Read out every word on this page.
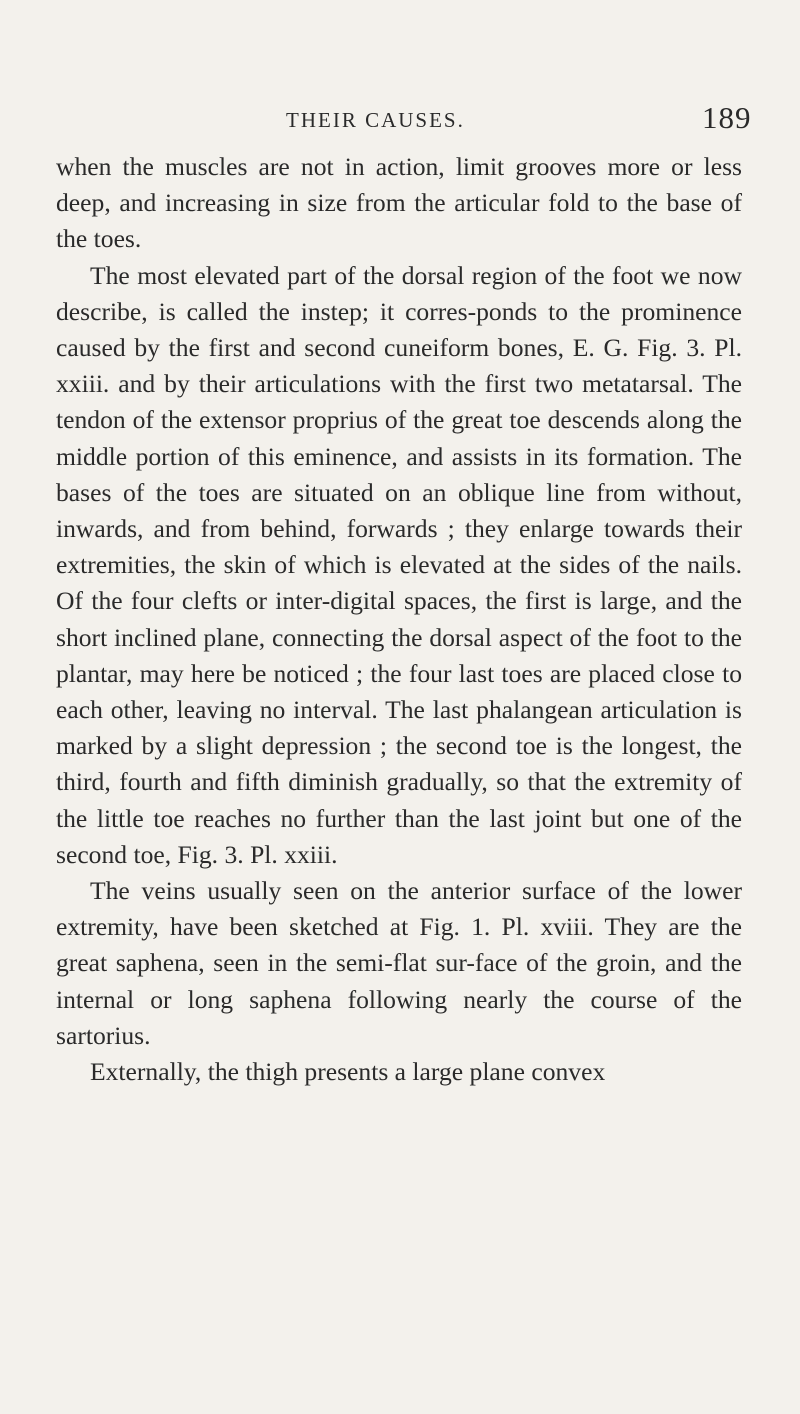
THEIR CAUSES.	189

when the muscles are not in action, limit grooves more or less deep, and increasing in size from the articular fold to the base of the toes.

The most elevated part of the dorsal region of the foot we now describe, is called the instep; it corres-ponds to the prominence caused by the first and second cuneiform bones, E. G. Fig. 3. Pl. xxiii. and by their articulations with the first two metatarsal. The tendon of the extensor proprius of the great toe descends along the middle portion of this eminence, and assists in its formation. The bases of the toes are situated on an oblique line from without, inwards, and from behind, forwards ; they enlarge towards their extremities, the skin of which is elevated at the sides of the nails. Of the four clefts or inter-digital spaces, the first is large, and the short inclined plane, connecting the dorsal aspect of the foot to the plantar, may here be noticed ; the four last toes are placed close to each other, leaving no interval. The last phalangean articulation is marked by a slight depression ; the second toe is the longest, the third, fourth and fifth diminish gradually, so that the extremity of the little toe reaches no further than the last joint but one of the second toe, Fig. 3. Pl. xxiii.

The veins usually seen on the anterior surface of the lower extremity, have been sketched at Fig. 1. Pl. xviii. They are the great saphena, seen in the semi-flat sur-face of the groin, and the internal or long saphena following nearly the course of the sartorius.

Externally, the thigh presents a large plane convex
